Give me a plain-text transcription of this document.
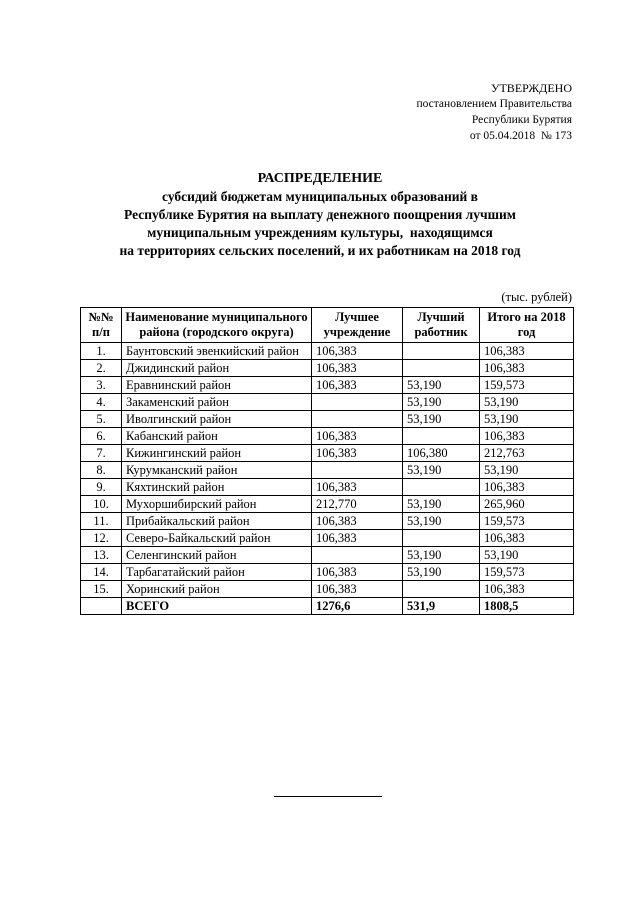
УТВЕРЖДЕНО
постановлением Правительства
Республики Бурятия
от 05.04.2018  № 173
РАСПРЕДЕЛЕНИЕ
субсидий бюджетам муниципальных образований в
Республике Бурятия на выплату денежного поощрения лучшим
муниципальным учреждениям культуры,  находящимся
на территориях сельских поселений, и их работникам на 2018 год
(тыс. рублей)
№№ п/п	Наименование муниципального района (городского округа)	Лучшее учреждение	Лучший работник	Итого на 2018 год
1.	Баунтовский эвенкийский район	106,383		106,383
2.	Джидинский район	106,383		106,383
3.	Еравнинский район	106,383	53,190	159,573
4.	Закаменский район		53,190	53,190
5.	Иволгинский район		53,190	53,190
6.	Кабанский район	106,383		106,383
7.	Кижингинский район	106,383	106,380	212,763
8.	Курумканский район		53,190	53,190
9.	Кяхтинский район	106,383		106,383
10.	Мухоршибирский район	212,770	53,190	265,960
11.	Прибайкальский район	106,383	53,190	159,573
12.	Северо-Байкальский район	106,383		106,383
13.	Селенгинский район		53,190	53,190
14.	Тарбагатайский район	106,383	53,190	159,573
15.	Хоринский район	106,383		106,383
	ВСЕГО	1276,6	531,9	1808,5
